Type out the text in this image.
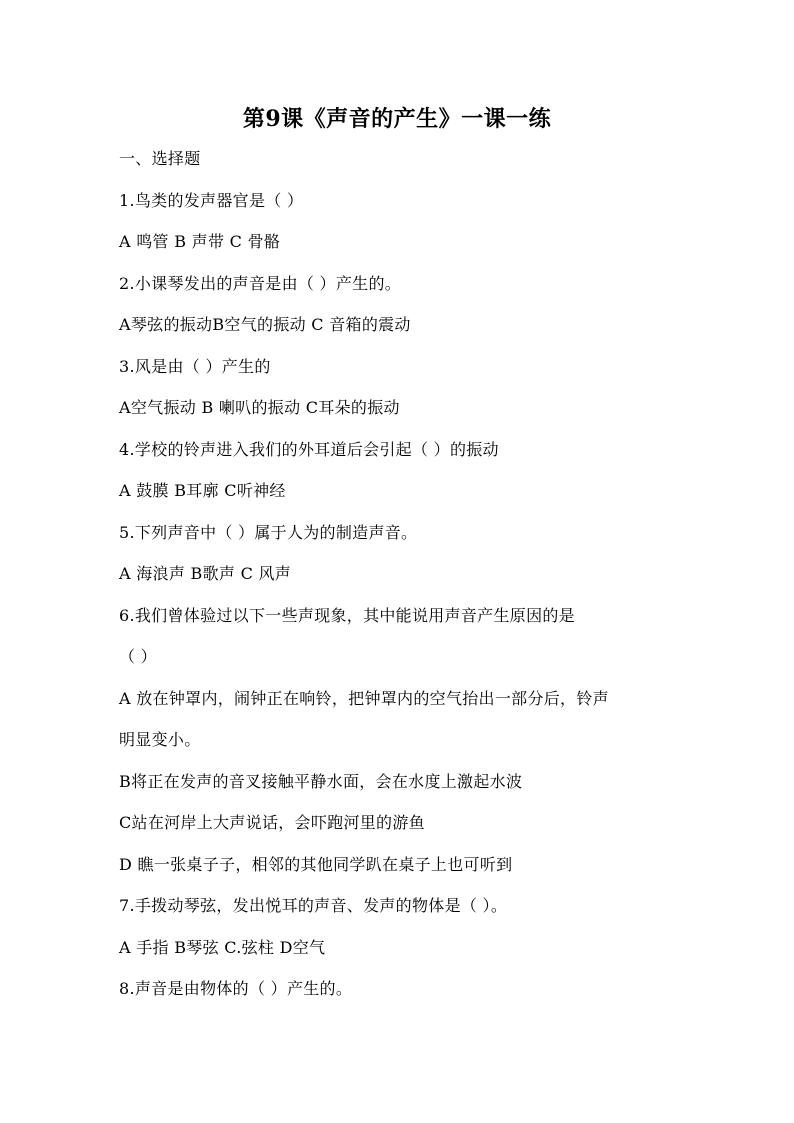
第9课《声音的产生》一课一练
一、选择题
1.鸟类的发声器官是（ ）
A 鸣管 B 声带 C 骨骼
2.小课琴发出的声音是由（ ）产生的。
A琴弦的振动B空气的振动 C 音箱的震动
3.风是由（ ）产生的
A空气振动 B 喇叭的振动 C耳朵的振动
4.学校的铃声进入我们的外耳道后会引起（ ）的振动
A 鼓膜 B耳廓 C听神经
5.下列声音中（ ）属于人为的制造声音。
A 海浪声 B歌声 C 风声
6.我们曾体验过以下一些声现象，其中能说用声音产生原因的是
（ ）
A 放在钟罩内，闹钟正在响铃，把钟罩内的空气抬出一部分后，铃声
明显变小。
B将正在发声的音叉接触平静水面，会在水度上激起水波
C站在河岸上大声说话，会吓跑河里的游鱼
D 瞧一张桌子子，相邻的其他同学趴在桌子上也可听到
7.手拨动琴弦，发出悦耳的声音、发声的物体是（ ）。
A 手指 B琴弦 C.弦柱 D空气
8.声音是由物体的（ ）产生的。
